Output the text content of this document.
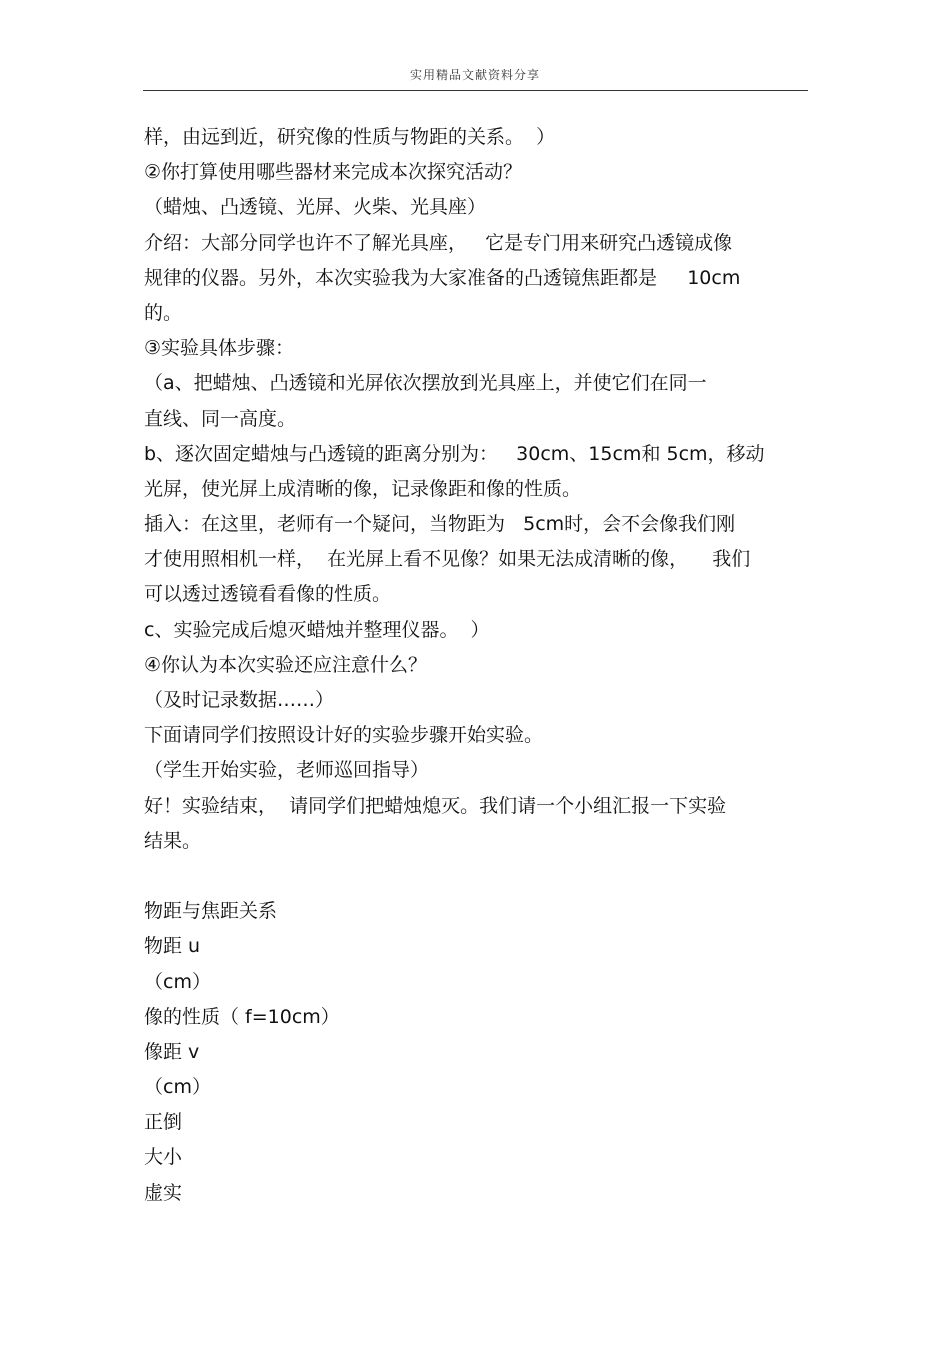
实用精品文献资料分享
样，由远到近，研究像的性质与物距的关系。  ）
②你打算使用哪些器材来完成本次探究活动？
（蜡烛、凸透镜、光屏、火柴、光具座）
介绍：大部分同学也许不了解光具座，   它是专门用来研究凸透镜成像
规律的仪器。另外，本次实验我为大家准备的凸透镜焦距都是     10cm
的。
③实验具体步骤：
（a、把蜡烛、凸透镜和光屏依次摆放到光具座上，并使它们在同一
直线、同一高度。
b、逐次固定蜡烛与凸透镜的距离分别为：   30cm、15cm和 5cm，移动
光屏，使光屏上成清晰的像，记录像距和像的性质。
插入：在这里，老师有一个疑问，当物距为   5cm时，会不会像我们刚
才使用照相机一样，  在光屏上看不见像？如果无法成清晰的像，    我们
可以透过透镜看看像的性质。
c、实验完成后熄灭蜡烛并整理仪器。  ）
④你认为本次实验还应注意什么？
（及时记录数据……）
下面请同学们按照设计好的实验步骤开始实验。
（学生开始实验，老师巡回指导）
好！实验结束，  请同学们把蜡烛熄灭。我们请一个小组汇报一下实验
结果。
物距与焦距关系
物距 u
（cm）
像的性质（ f=10cm）
像距 v
（cm）
正倒
大小
虚实
